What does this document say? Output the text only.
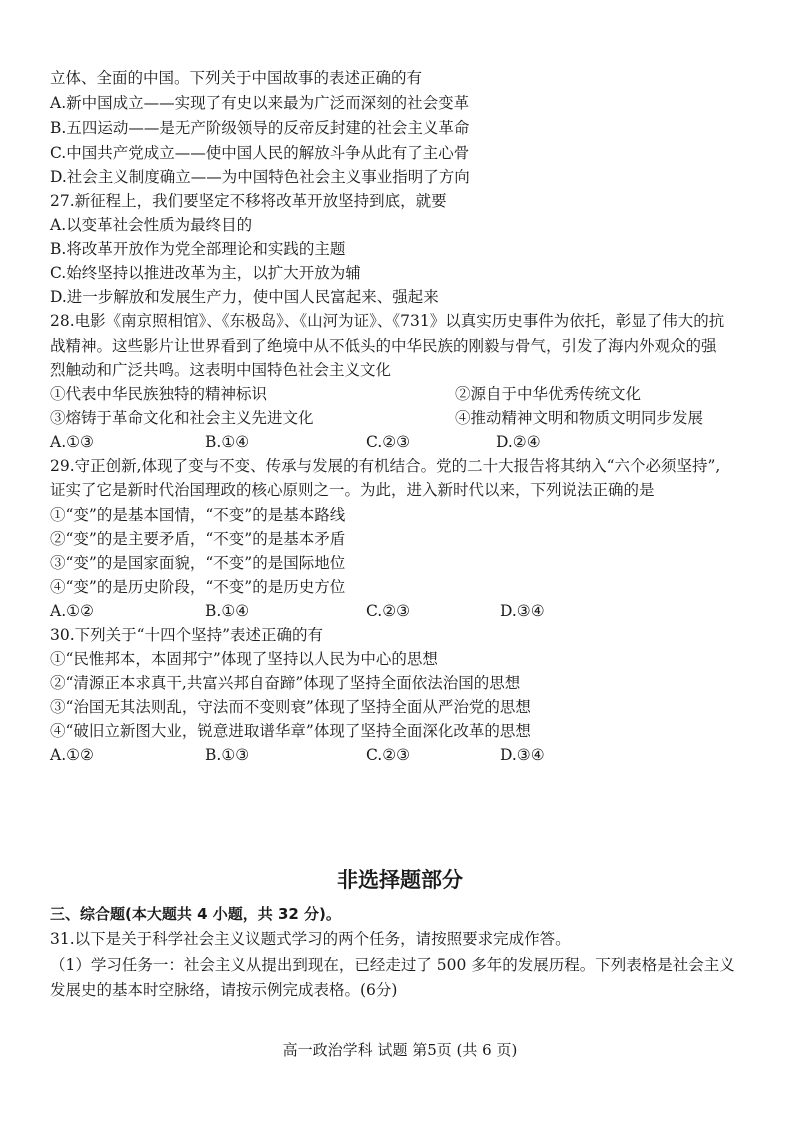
立体、全面的中国。下列关于中国故事的表述正确的有
A.新中国成立——实现了有史以来最为广泛而深刻的社会变革
B.五四运动——是无产阶级领导的反帝反封建的社会主义革命
C.中国共产党成立——使中国人民的解放斗争从此有了主心骨
D.社会主义制度确立——为中国特色社会主义事业指明了方向
27.新征程上，我们要坚定不移将改革开放坚持到底，就要
A.以变革社会性质为最终目的
B.将改革开放作为党全部理论和实践的主题
C.始终坚持以推进改革为主，以扩大开放为辅
D.进一步解放和发展生产力，使中国人民富起来、强起来
28.电影《南京照相馆》、《东极岛》、《山河为证》、《731》以真实历史事件为依托，彰显了伟大的抗
战精神。这些影片让世界看到了绝境中从不低头的中华民族的刚毅与骨气，引发了海内外观众的强
烈触动和广泛共鸣。这表明中国特色社会主义文化
①代表中华民族独特的精神标识	②源自于中华优秀传统文化
③熔铸于革命文化和社会主义先进文化	④推动精神文明和物质文明同步发展
A.①③	B.①④	C.②③	D.②④
29.守正创新,体现了变与不变、传承与发展的有机结合。党的二十大报告将其纳入“六个必须坚持”,
证实了它是新时代治国理政的核心原则之一。为此，进入新时代以来，下列说法正确的是
①“变”的是基本国情，“不变”的是基本路线
②“变”的是主要矛盾，“不变”的是基本矛盾
③“变”的是国家面貌，“不变”的是国际地位
④“变”的是历史阶段，“不变”的是历史方位
A.①②	B.①④	C.②③	D.③④
30.下列关于“十四个坚持”表述正确的有
①“民惟邦本，本固邦宁”体现了坚持以人民为中心的思想
②“清源正本求真干,共富兴邦自奋蹄”体现了坚持全面依法治国的思想
③“治国无其法则乱，守法而不变则衰”体现了坚持全面从严治党的思想
④“破旧立新图大业，锐意进取谱华章”体现了坚持全面深化改革的思想
A.①②	B.①③	C.②③	D.③④
非选择题部分
三、综合题(本大题共 4 小题，共 32 分)。
31.以下是关于科学社会主义议题式学习的两个任务，请按照要求完成作答。
（1）学习任务一：社会主义从提出到现在，已经走过了 500 多年的发展历程。下列表格是社会主义
发展史的基本时空脉络，请按示例完成表格。(6分)
高一政治学科 试题 第5页 (共 6 页)
